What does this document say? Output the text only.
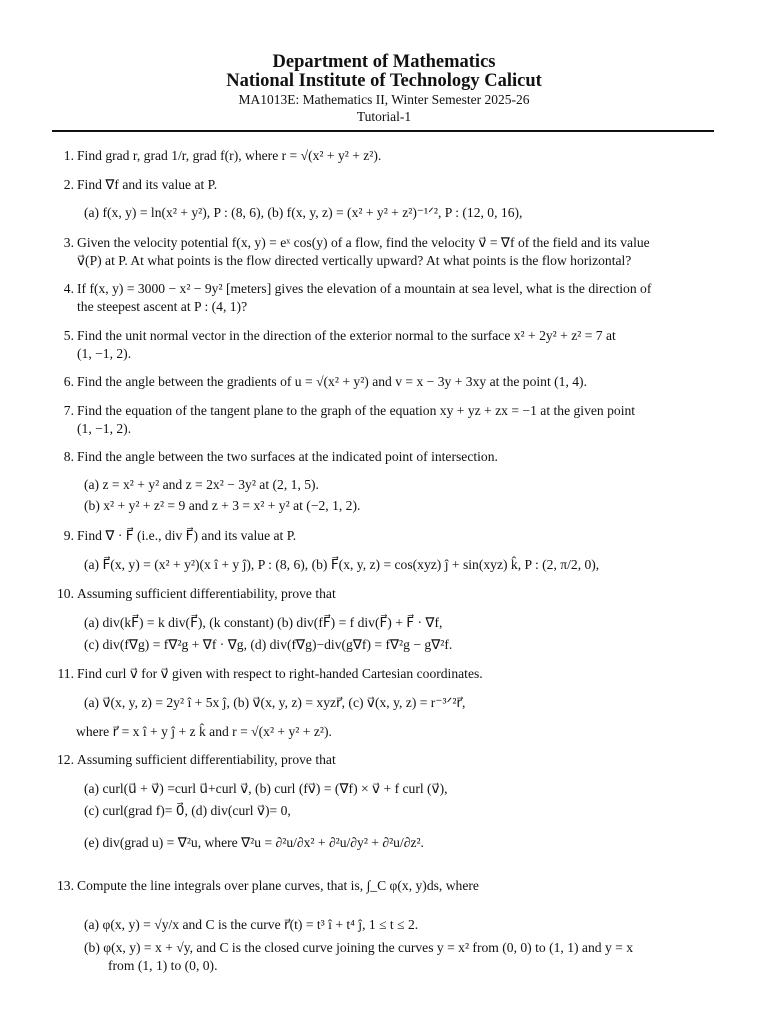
Department of Mathematics
National Institute of Technology Calicut
MA1013E: Mathematics II, Winter Semester 2025-26
Tutorial-1
1. Find grad r, grad 1/r, grad f(r), where r = √(x² + y² + z²).
2. Find ∇f and its value at P.
(a) f(x, y) = ln(x² + y²), P : (8, 6), (b) f(x, y, z) = (x² + y² + z²)⁻¹ᐟ², P : (12, 0, 16),
3. Given the velocity potential f(x, y) = eˣ cos(y) of a flow, find the velocity v⃗ = ∇f of the field and its value
v⃗(P) at P. At what points is the flow directed vertically upward? At what points is the flow horizontal?
4. If f(x, y) = 3000 − x² − 9y² [meters] gives the elevation of a mountain at sea level, what is the direction of
the steepest ascent at P : (4, 1)?
5. Find the unit normal vector in the direction of the exterior normal to the surface x² + 2y² + z² = 7 at
(1, −1, 2).
6. Find the angle between the gradients of u = √(x² + y²) and v = x − 3y + 3xy at the point (1, 4).
7. Find the equation of the tangent plane to the graph of the equation xy + yz + zx = −1 at the given point
(1, −1, 2).
8. Find the angle between the two surfaces at the indicated point of intersection.
(a) z = x² + y² and z = 2x² − 3y² at (2, 1, 5).
(b) x² + y² + z² = 9 and z + 3 = x² + y² at (−2, 1, 2).
9. Find ∇ · F⃗ (i.e., div F⃗) and its value at P.
(a) F⃗(x, y) = (x² + y²)(x î + y ĵ), P : (8, 6), (b) F⃗(x, y, z) = cos(xyz) ĵ + sin(xyz) k̂, P : (2, π/2, 0),
10. Assuming sufficient differentiability, prove that
(a) div(kF⃗) = k div(F⃗), (k constant) (b) div(fF⃗) = f div(F⃗) + F⃗ · ∇f,
(c) div(f∇g) = f∇²g + ∇f · ∇g, (d) div(f∇g)−div(g∇f) = f∇²g − g∇²f.
11. Find curl v⃗ for v⃗ given with respect to right-handed Cartesian coordinates.
(a) v⃗(x, y, z) = 2y² î + 5x ĵ, (b) v⃗(x, y, z) = xyzr⃗, (c) v⃗(x, y, z) = r⁻³ᐟ²r⃗,
where r⃗ = x î + y ĵ + z k̂ and r = √(x² + y² + z²).
12. Assuming sufficient differentiability, prove that
(a) curl(u⃗ + v⃗) =curl u⃗+curl v⃗, (b) curl (fv⃗) = (∇f) × v⃗ + f curl (v⃗),
(c) curl(grad f)= 0⃗, (d) div(curl v⃗)= 0,
(e) div(grad u) = ∇²u, where ∇²u = ∂²u/∂x² + ∂²u/∂y² + ∂²u/∂z².
13. Compute the line integrals over plane curves, that is, ∫_C φ(x, y)ds, where
(a) φ(x, y) = √y/x and C is the curve r⃗(t) = t³ î + t⁴ ĵ, 1 ≤ t ≤ 2.
(b) φ(x, y) = x + √y, and C is the closed curve joining the curves y = x² from (0, 0) to (1, 1) and y = x
from (1, 1) to (0, 0).
